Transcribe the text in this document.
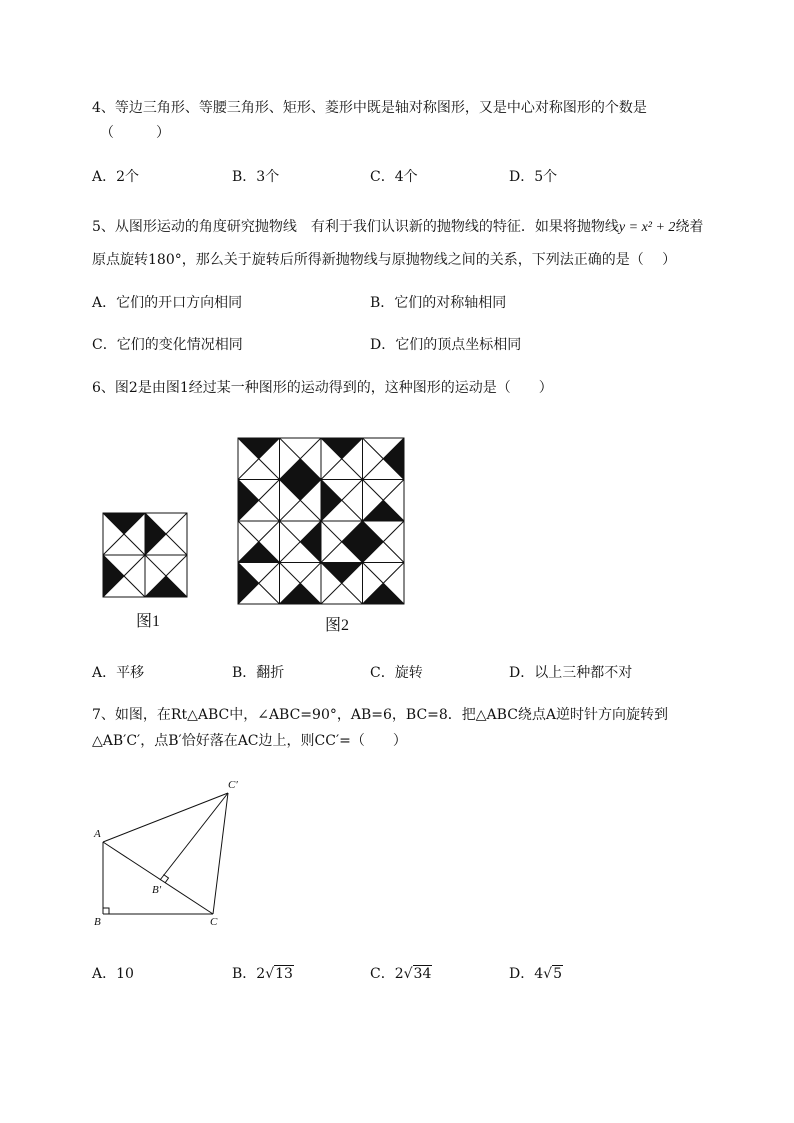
4、等边三角形、等腰三角形、矩形、菱形中既是轴对称图形，又是中心对称图形的个数是
（　　　）
A．2个	B．3个	C．4个	D．5个
5、从图形运动的角度研究抛物线　有利于我们认识新的抛物线的特征．如果将抛物线y = x² + 2绕着
原点旋转180°，那么关于旋转后所得新抛物线与原抛物线之间的关系，下列法正确的是（　 ）
A．它们的开口方向相同	B．它们的对称轴相同
C．它们的变化情况相同	D．它们的顶点坐标相同
6、图2是由图1经过某一种图形的运动得到的，这种图形的运动是（　　）
图1	图2
A．平移	B．翻折	C．旋转	D．以上三种都不对
7、如图，在Rt△ABC中，∠ABC=90°，AB=6，BC=8．把△ABC绕点A逆时针方向旋转到
△AB′C′，点B′恰好落在AC边上，则CC′=（　　）
A
B	C
B′
C′
A．10	B．2√13	C．2√34	D．4√5
